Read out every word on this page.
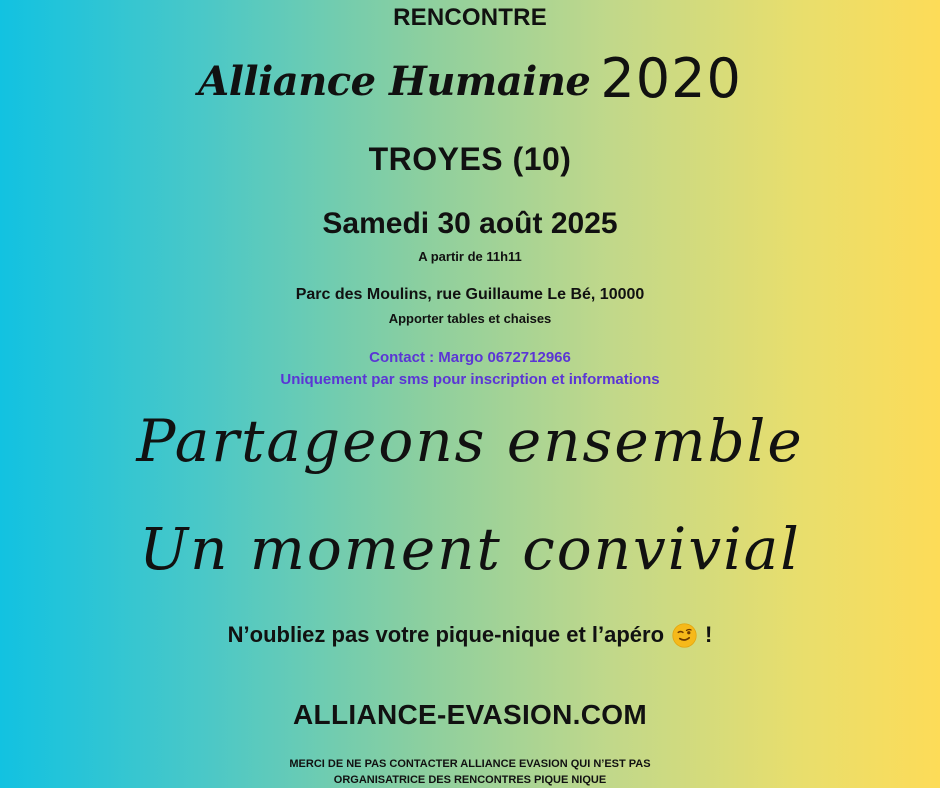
RENCONTRE
Alliance Humaine 2020
TROYES (10)
Samedi 30 août 2025
A partir de 11h11
Parc des Moulins, rue Guillaume Le Bé, 10000
Apporter tables et chaises
Contact : Margo 0672712966
Uniquement par sms pour inscription et informations
Partageons ensemble
Un moment convivial
N’oubliez pas votre pique-nique et l’apéro !
ALLIANCE-EVASION.COM
MERCI DE NE PAS CONTACTER ALLIANCE EVASION QUI N’EST PAS
ORGANISATRICE DES RENCONTRES PIQUE NIQUE
